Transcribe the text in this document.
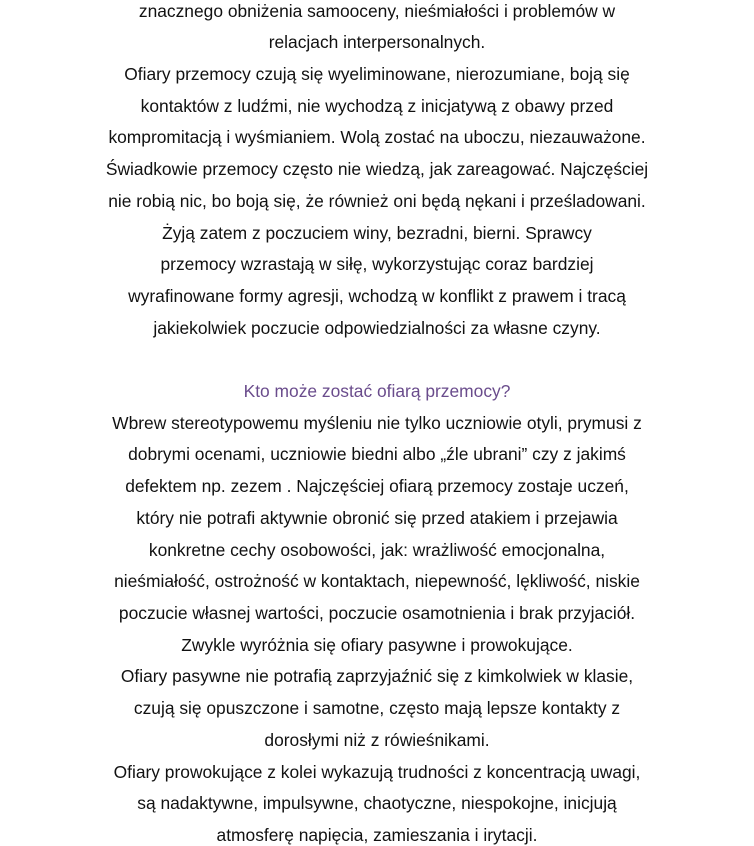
znacznego obniżenia samooceny, nieśmiałości i problemów w
relacjach interpersonalnych.
Ofiary przemocy czują się wyeliminowane, nierozumiane, boją się
kontaktów z ludźmi, nie wychodzą z inicjatywą z obawy przed
kompromitacją i wyśmianiem. Wolą zostać na uboczu, niezauważone.
Świadkowie przemocy często nie wiedzą, jak zareagować. Najczęściej
nie robią nic, bo boją się, że również oni będą nękani i prześladowani.
Żyją zatem z poczuciem winy, bezradni, bierni. Sprawcy
przemocy wzrastają w siłę, wykorzystując coraz bardziej
wyrafinowane formy agresji, wchodzą w konflikt z prawem i tracą
jakiekolwiek poczucie odpowiedzialności za własne czyny.
Kto może zostać ofiarą przemocy?
Wbrew stereotypowemu myśleniu nie tylko uczniowie otyli, prymusi z
dobrymi ocenami, uczniowie biedni albo „źle ubrani” czy z jakimś
defektem np. zezem . Najczęściej ofiarą przemocy zostaje uczeń,
który nie potrafi aktywnie obronić się przed atakiem i przejawia
konkretne cechy osobowości, jak: wrażliwość emocjonalna,
nieśmiałość, ostrożność w kontaktach, niepewność, lękliwość, niskie
poczucie własnej wartości, poczucie osamotnienia i brak przyjaciół.
Zwykle wyróżnia się ofiary pasywne i prowokujące.
Ofiary pasywne nie potrafią zaprzyjaźnić się z kimkolwiek w klasie,
czują się opuszczone i samotne, często mają lepsze kontakty z
dorosłymi niż z rówieśnikami.
Ofiary prowokujące z kolei wykazują trudności z koncentracją uwagi,
są nadaktywne, impulsywne, chaotyczne, niespokojne, inicjują
atmosferę napięcia, zamieszania i irytacji.
